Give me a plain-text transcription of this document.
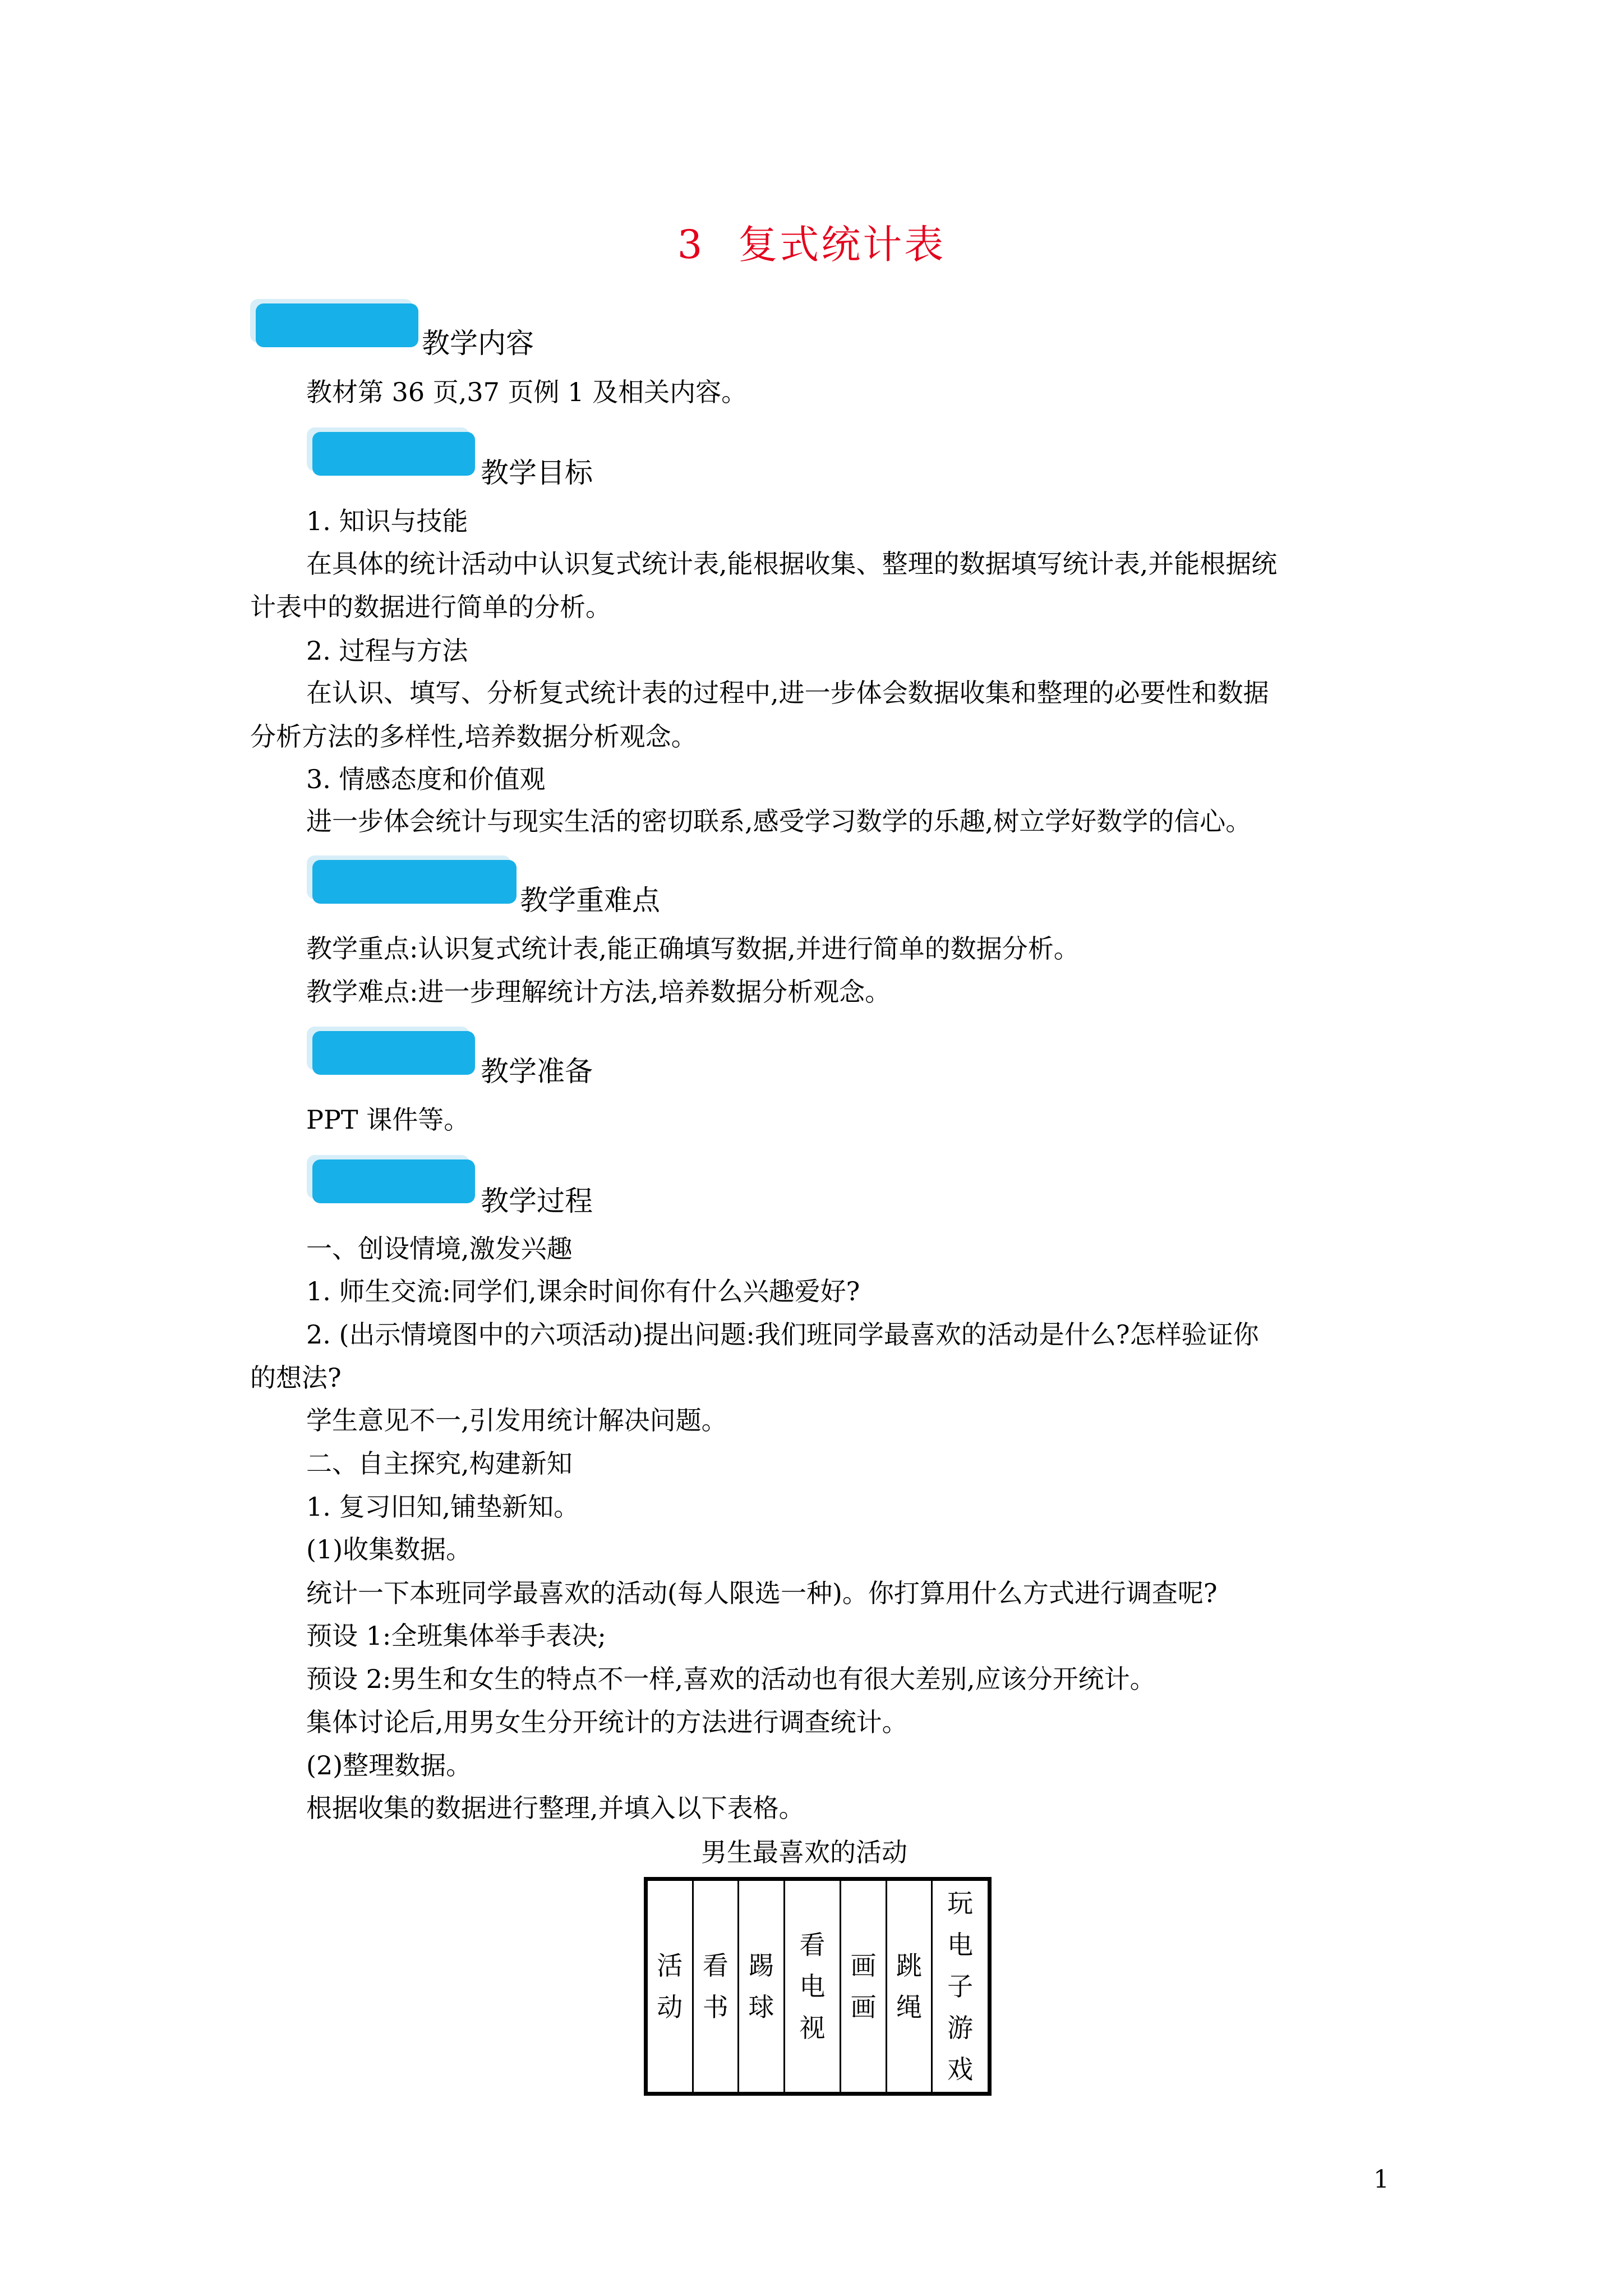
3 复式统计表
教学内容
教材第 36 页,37 页例 1 及相关内容。
教学目标
1. 知识与技能
在具体的统计活动中认识复式统计表,能根据收集、整理的数据填写统计表,并能根据统
计表中的数据进行简单的分析。
2. 过程与方法
在认识、填写、分析复式统计表的过程中,进一步体会数据收集和整理的必要性和数据
分析方法的多样性,培养数据分析观念。
3. 情感态度和价值观
进一步体会统计与现实生活的密切联系,感受学习数学的乐趣,树立学好数学的信心。
教学重难点
教学重点:认识复式统计表,能正确填写数据,并进行简单的数据分析。
教学难点:进一步理解统计方法,培养数据分析观念。
教学准备
PPT 课件等。
教学过程
一、创设情境,激发兴趣
1. 师生交流:同学们,课余时间你有什么兴趣爱好?
2. (出示情境图中的六项活动)提出问题:我们班同学最喜欢的活动是什么?怎样验证你
的想法?
学生意见不一,引发用统计解决问题。
二、自主探究,构建新知
1. 复习旧知,铺垫新知。
(1)收集数据。
统计一下本班同学最喜欢的活动(每人限选一种)。你打算用什么方式进行调查呢?
预设 1:全班集体举手表决;
预设 2:男生和女生的特点不一样,喜欢的活动也有很大差别,应该分开统计。
集体讨论后,用男女生分开统计的方法进行调查统计。
(2)整理数据。
根据收集的数据进行整理,并填入以下表格。
男生最喜欢的活动
活动	看书	踢球	看电视	画画	跳绳	玩电子游戏
1
